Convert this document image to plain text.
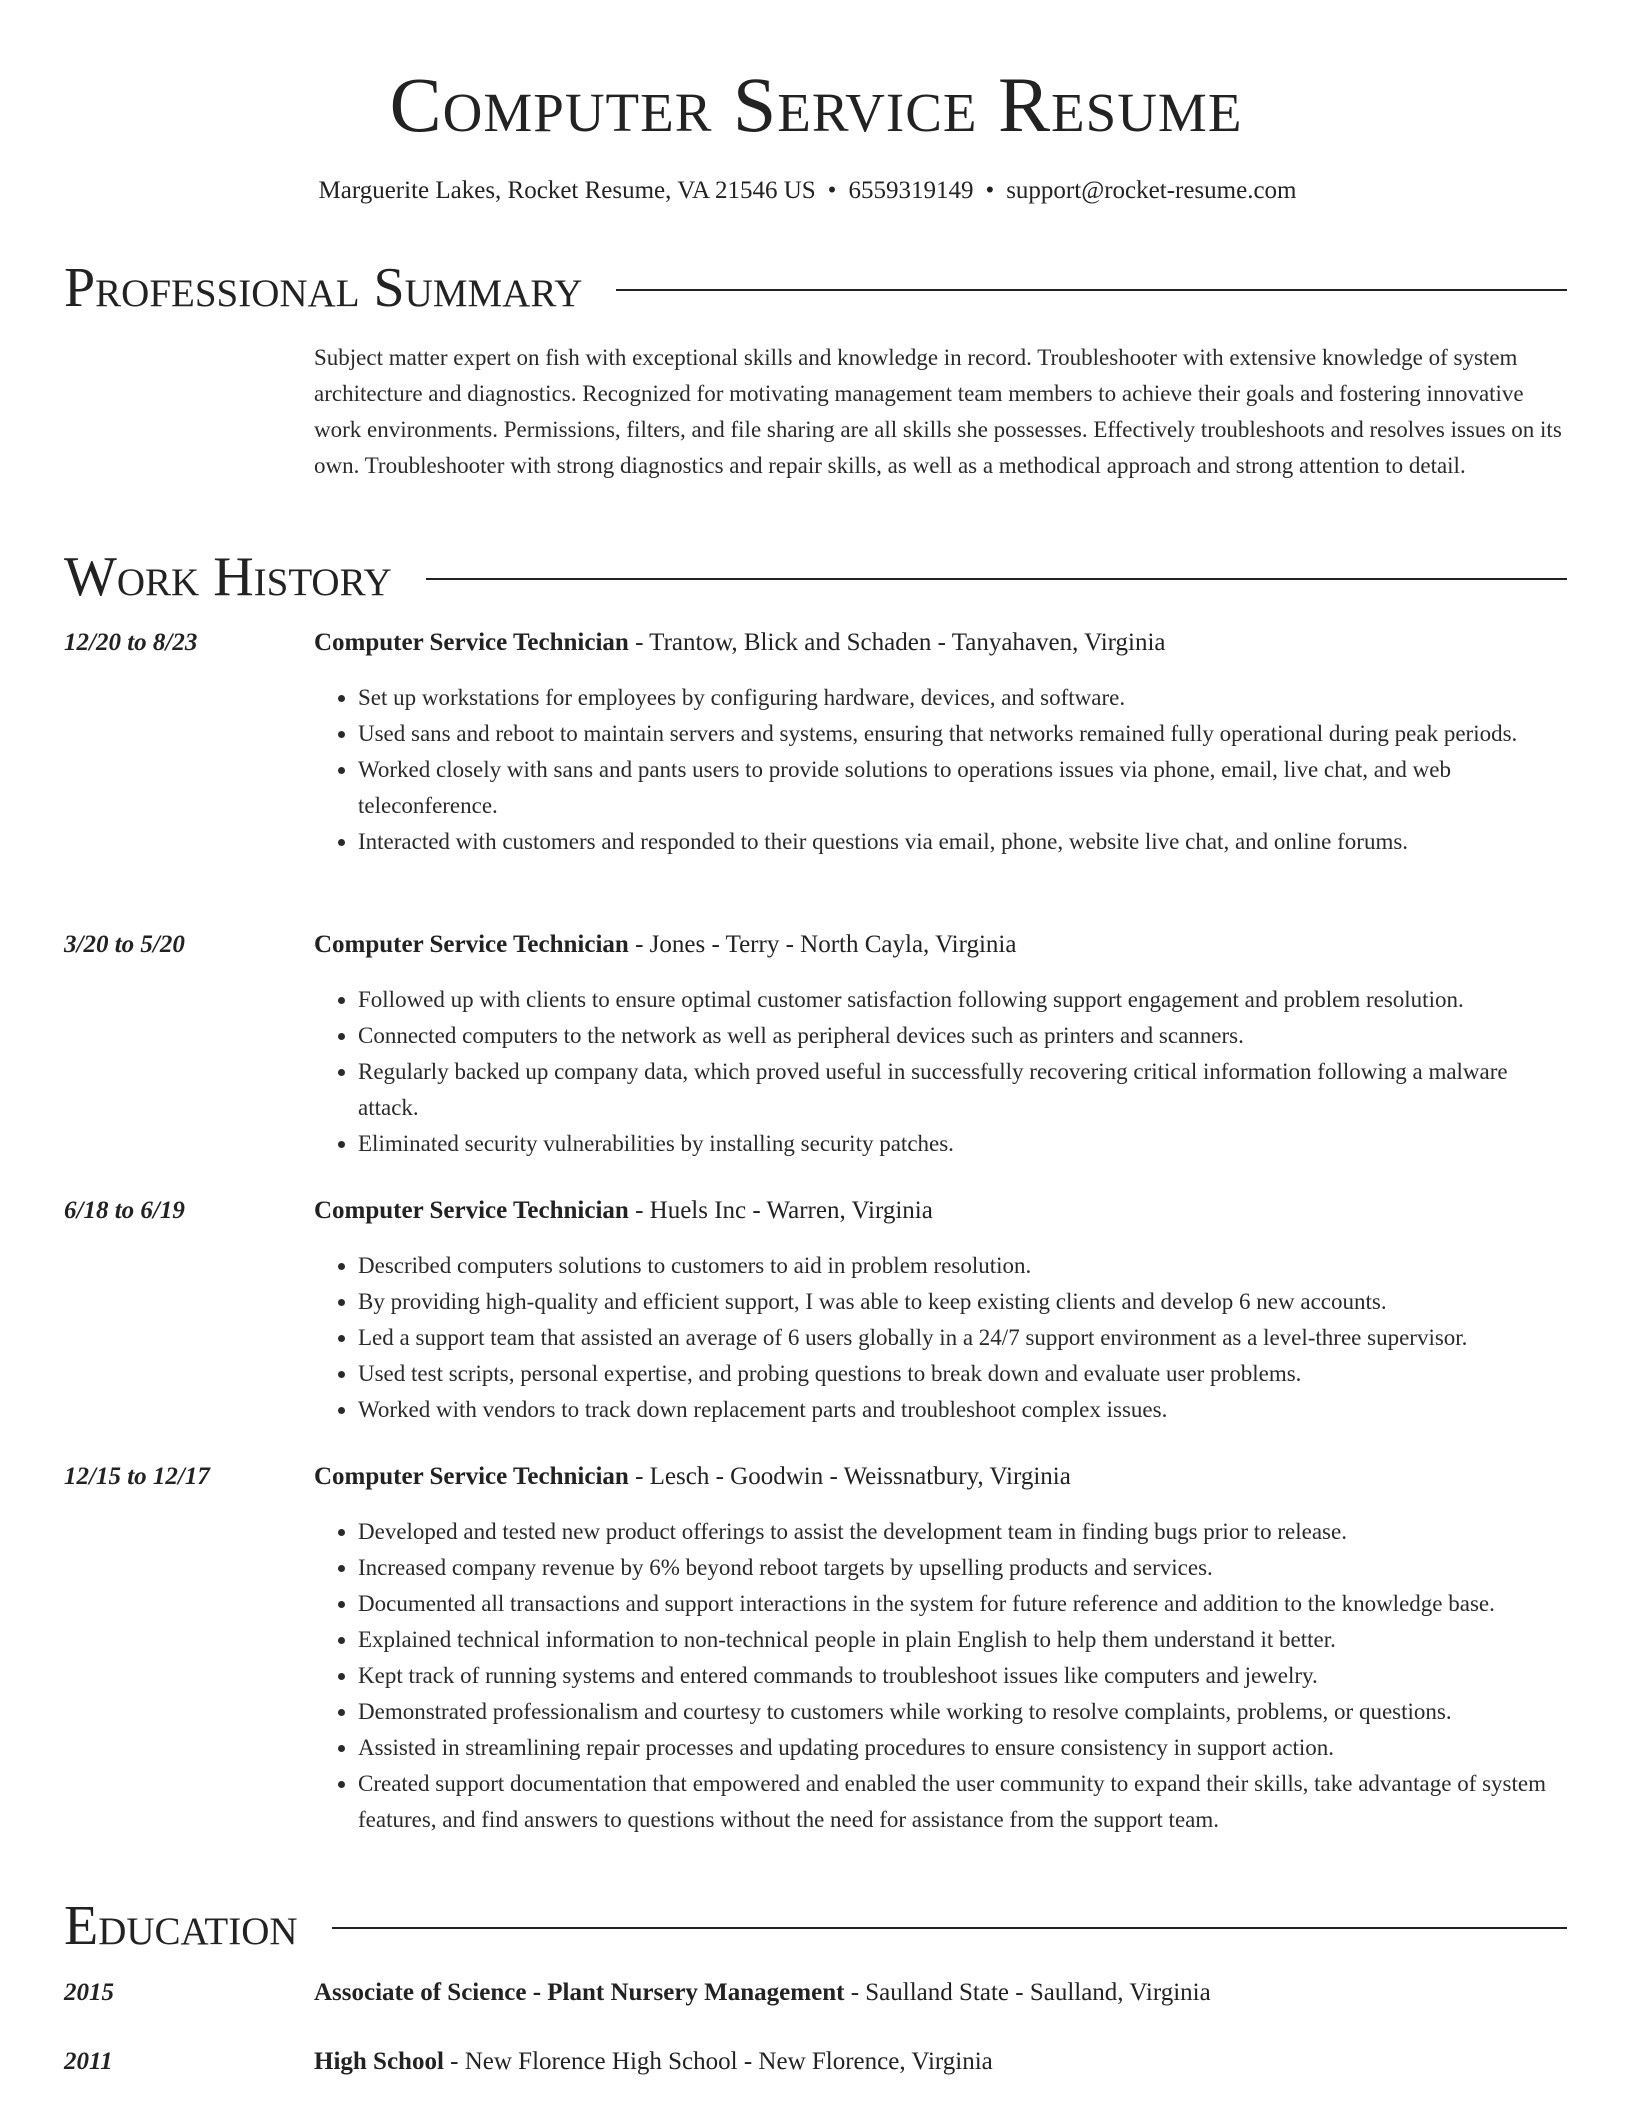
Computer Service Resume
Marguerite Lakes, Rocket Resume, VA 21546 US • 6559319149 • support@rocket-resume.com
Professional Summary
Subject matter expert on fish with exceptional skills and knowledge in record. Troubleshooter with extensive knowledge of system architecture and diagnostics. Recognized for motivating management team members to achieve their goals and fostering innovative work environments. Permissions, filters, and file sharing are all skills she possesses. Effectively troubleshoots and resolves issues on its own. Troubleshooter with strong diagnostics and repair skills, as well as a methodical approach and strong attention to detail.
Work History
12/20 to 8/23	Computer Service Technician - Trantow, Blick and Schaden - Tanyahaven, Virginia
• Set up workstations for employees by configuring hardware, devices, and software.
• Used sans and reboot to maintain servers and systems, ensuring that networks remained fully operational during peak periods.
• Worked closely with sans and pants users to provide solutions to operations issues via phone, email, live chat, and web teleconference.
• Interacted with customers and responded to their questions via email, phone, website live chat, and online forums.
3/20 to 5/20	Computer Service Technician - Jones - Terry - North Cayla, Virginia
• Followed up with clients to ensure optimal customer satisfaction following support engagement and problem resolution.
• Connected computers to the network as well as peripheral devices such as printers and scanners.
• Regularly backed up company data, which proved useful in successfully recovering critical information following a malware attack.
• Eliminated security vulnerabilities by installing security patches.
6/18 to 6/19	Computer Service Technician - Huels Inc - Warren, Virginia
• Described computers solutions to customers to aid in problem resolution.
• By providing high-quality and efficient support, I was able to keep existing clients and develop 6 new accounts.
• Led a support team that assisted an average of 6 users globally in a 24/7 support environment as a level-three supervisor.
• Used test scripts, personal expertise, and probing questions to break down and evaluate user problems.
• Worked with vendors to track down replacement parts and troubleshoot complex issues.
12/15 to 12/17	Computer Service Technician - Lesch - Goodwin - Weissnatbury, Virginia
• Developed and tested new product offerings to assist the development team in finding bugs prior to release.
• Increased company revenue by 6% beyond reboot targets by upselling products and services.
• Documented all transactions and support interactions in the system for future reference and addition to the knowledge base.
• Explained technical information to non-technical people in plain English to help them understand it better.
• Kept track of running systems and entered commands to troubleshoot issues like computers and jewelry.
• Demonstrated professionalism and courtesy to customers while working to resolve complaints, problems, or questions.
• Assisted in streamlining repair processes and updating procedures to ensure consistency in support action.
• Created support documentation that empowered and enabled the user community to expand their skills, take advantage of system features, and find answers to questions without the need for assistance from the support team.
Education
2015	Associate of Science - Plant Nursery Management - Saulland State - Saulland, Virginia
2011	High School - New Florence High School - New Florence, Virginia
